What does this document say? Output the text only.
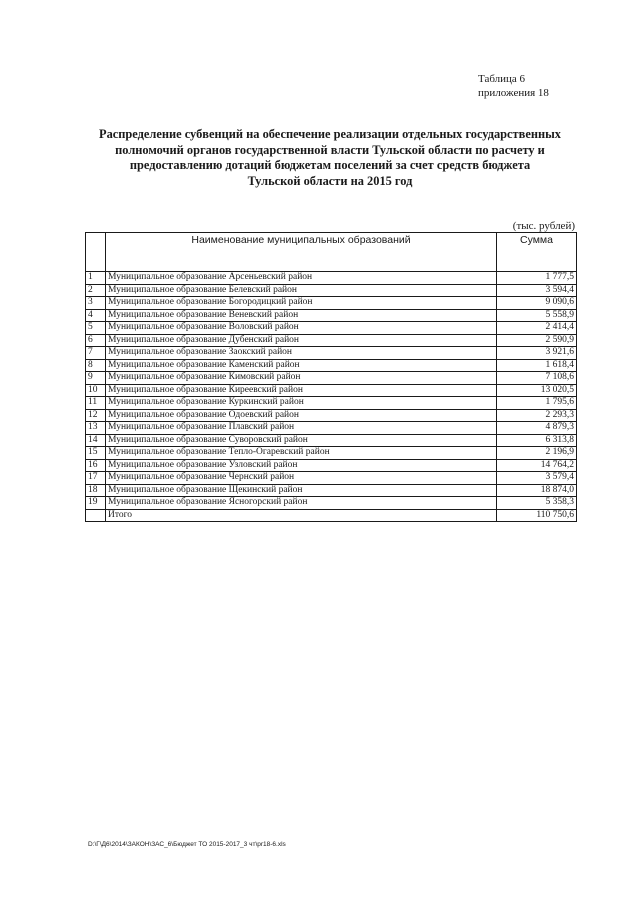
Таблица 6
приложения 18
Распределение субвенций на обеспечение реализации отдельных государственных
полномочий органов государственной власти Тульской области по расчету и
предоставлению дотаций бюджетам поселений за счет средств бюджета
Тульской области на 2015 год
(тыс. рублей)
	Наименование муниципальных образований	Сумма
1	Муниципальное образование Арсеньевский район	1 777,5
2	Муниципальное образование Белевский район	3 594,4
3	Муниципальное образование Богородицкий район	9 090,6
4	Муниципальное образование Веневский район	5 558,9
5	Муниципальное образование Воловский район	2 414,4
6	Муниципальное образование Дубенский район	2 590,9
7	Муниципальное образование Заокский район	3 921,6
8	Муниципальное образование Каменский район	1 618,4
9	Муниципальное образование Кимовский район	7 108,6
10	Муниципальное образование Киреевский район	13 020,5
11	Муниципальное образование Куркинский район	1 795,6
12	Муниципальное образование Одоевский район	2 293,3
13	Муниципальное образование Плавский район	4 879,3
14	Муниципальное образование Суворовский район	6 313,8
15	Муниципальное образование Тепло-Огаревский район	2 196,9
16	Муниципальное образование Узловский район	14 764,2
17	Муниципальное образование Чернский район	3 579,4
18	Муниципальное образование Щекинский район	18 874,0
19	Муниципальное образование Ясногорский район	5 358,3
	Итого	110 750,6
D:\Г\Д6\2014\ЗАКОН\ЗАС_6\Бюджет ТО 2015-2017_3 чт\pr18-6.xls
